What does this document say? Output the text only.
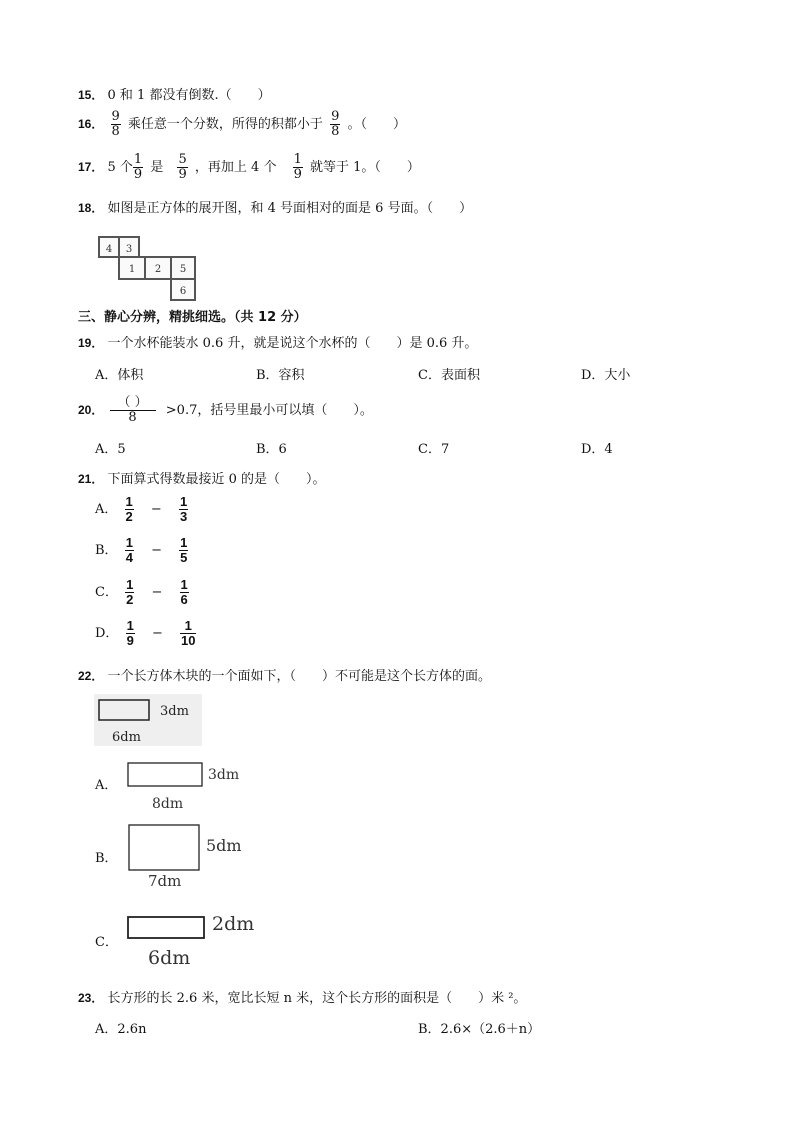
15． 0 和 1 都没有倒数.（　　）
16． $\frac{9}{8}$ 乘任意一个分数，所得的积都小于 $\frac{9}{8}$ 。（　　）
17． 5 个 $\frac{1}{9}$ 是 $\frac{5}{9}$ ，再加上 4 个 $\frac{1}{9}$ 就等于 1。（　　）
18． 如图是正方体的展开图，和 4 号面相对的面是 6 号面。（　　）
4 3
1 2 5
6
三、静心分辨，精挑细选。（共 12 分）
19． 一个水杯能装水 0.6 升，就是说这个水杯的（　　）是 0.6 升。
A．体积	B．容积	C．表面积	D．大小
20． $\frac{( )}{8} >0.7$，括号里最小可以填（　　）。
A．5	B．6	C．7	D．4
21． 下面算式得数最接近 0 的是（　　）。
A． $\frac{1}{2} - \frac{1}{3}$
B． $\frac{1}{4} - \frac{1}{5}$
C． $\frac{1}{2} - \frac{1}{6}$
D． $\frac{1}{9} - \frac{1}{10}$
22． 一个长方体木块的一个面如下，（　　）不可能是这个长方体的面。
3dm
6dm
A．
3dm
8dm
B．
5dm
7dm
C．
2dm
6dm
23． 长方形的长 2.6 米，宽比长短 n 米，这个长方形的面积是（　　）米 ²。
A．2.6n	B．2.6×（2.6＋n）
